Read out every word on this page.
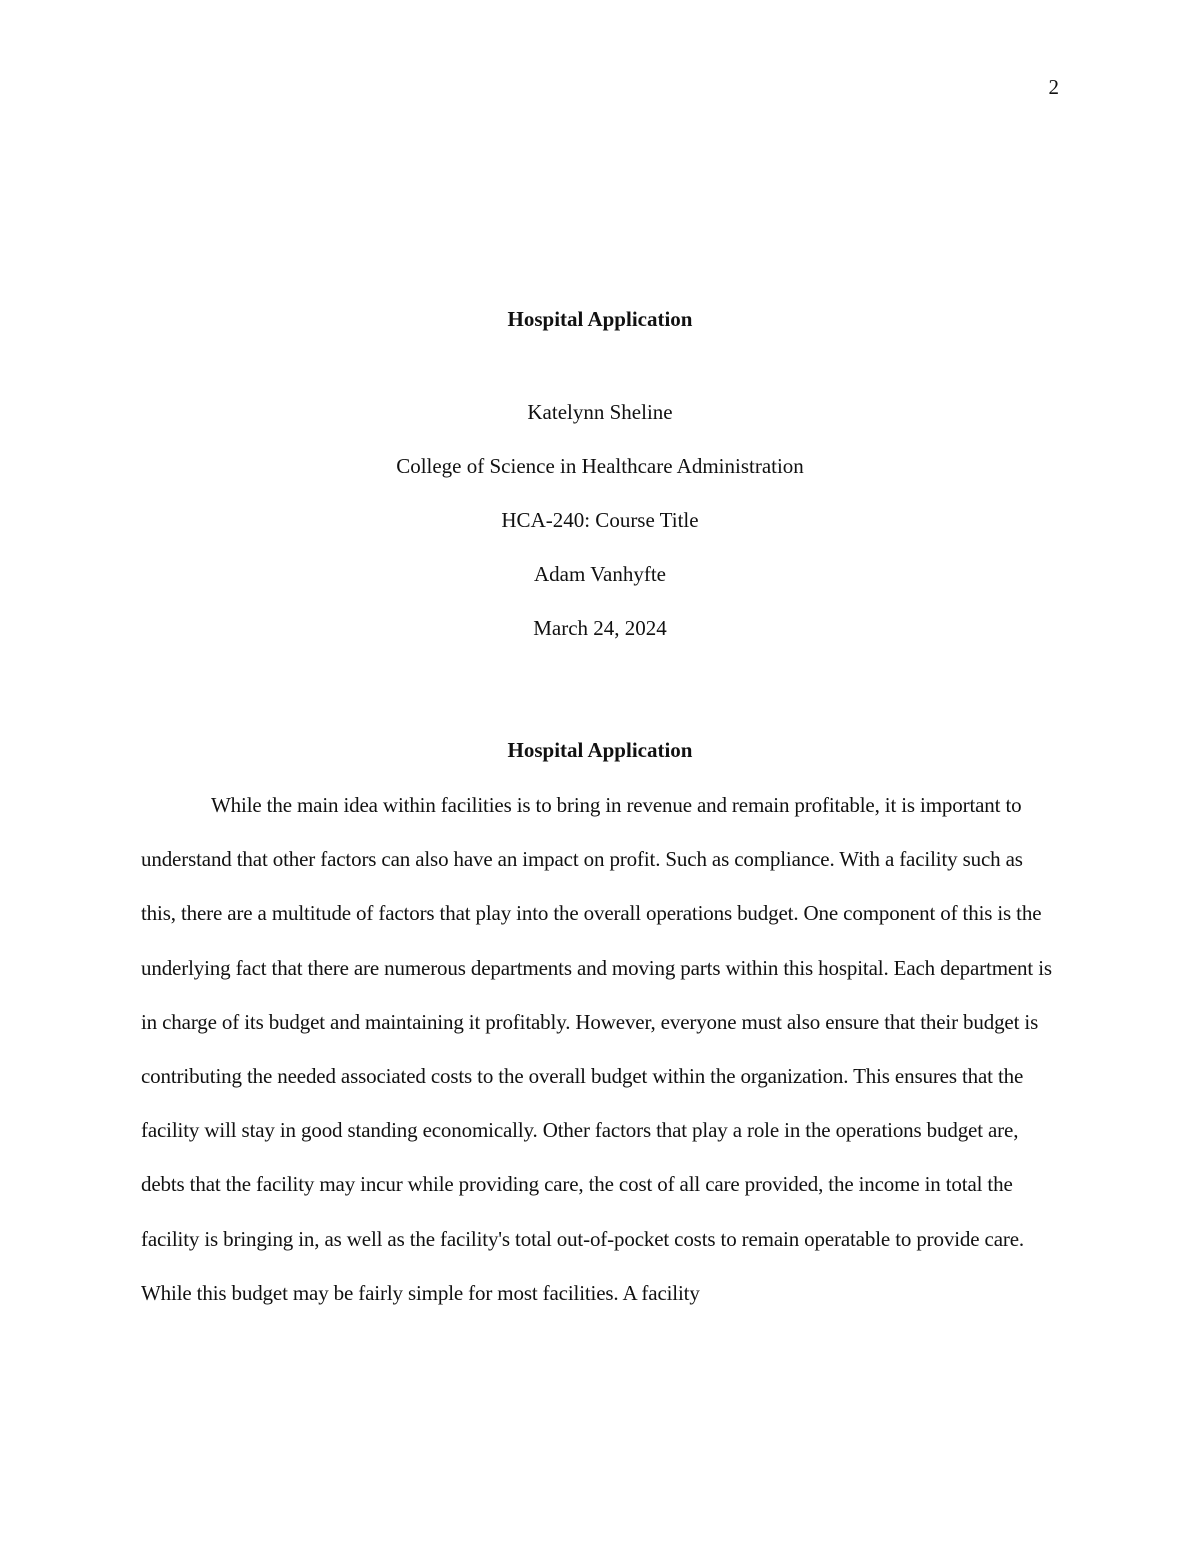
2

Hospital Application

Katelynn Sheline

College of Science in Healthcare Administration

HCA-240: Course Title

Adam Vanhyfte

March 24, 2024

Hospital Application

While the main idea within facilities is to bring in revenue and remain profitable, it is important to understand that other factors can also have an impact on profit. Such as compliance. With a facility such as this, there are a multitude of factors that play into the overall operations budget. One component of this is the underlying fact that there are numerous departments and moving parts within this hospital. Each department is in charge of its budget and maintaining it profitably. However, everyone must also ensure that their budget is contributing the needed associated costs to the overall budget within the organization. This ensures that the facility will stay in good standing economically. Other factors that play a role in the operations budget are, debts that the facility may incur while providing care, the cost of all care provided, the income in total the facility is bringing in, as well as the facility's total out-of-pocket costs to remain operatable to provide care. While this budget may be fairly simple for most facilities. A facility
